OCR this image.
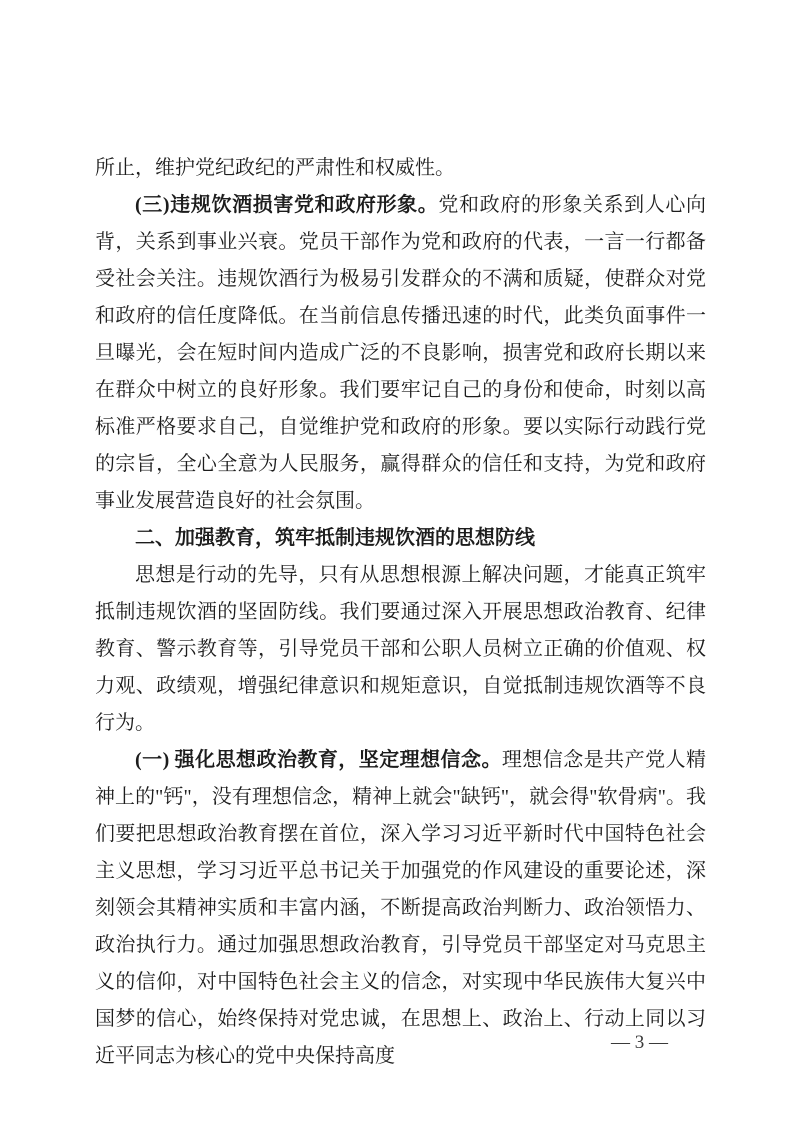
所止，维护党纪政纪的严肃性和权威性。

(三)违规饮酒损害党和政府形象。党和政府的形象关系到人心向背，关系到事业兴衰。党员干部作为党和政府的代表，一言一行都备受社会关注。违规饮酒行为极易引发群众的不满和质疑，使群众对党和政府的信任度降低。在当前信息传播迅速的时代，此类负面事件一旦曝光，会在短时间内造成广泛的不良影响，损害党和政府长期以来在群众中树立的良好形象。我们要牢记自己的身份和使命，时刻以高标准严格要求自己，自觉维护党和政府的形象。要以实际行动践行党的宗旨，全心全意为人民服务，赢得群众的信任和支持，为党和政府事业发展营造良好的社会氛围。

二、加强教育，筑牢抵制违规饮酒的思想防线

思想是行动的先导，只有从思想根源上解决问题，才能真正筑牢抵制违规饮酒的坚固防线。我们要通过深入开展思想政治教育、纪律教育、警示教育等，引导党员干部和公职人员树立正确的价值观、权力观、政绩观，增强纪律意识和规矩意识，自觉抵制违规饮酒等不良行为。

(一) 强化思想政治教育，坚定理想信念。理想信念是共产党人精神上的"钙"，没有理想信念，精神上就会"缺钙"，就会得"软骨病"。我们要把思想政治教育摆在首位，深入学习习近平新时代中国特色社会主义思想，学习习近平总书记关于加强党的作风建设的重要论述，深刻领会其精神实质和丰富内涵，不断提高政治判断力、政治领悟力、政治执行力。通过加强思想政治教育，引导党员干部坚定对马克思主义的信仰，对中国特色社会主义的信念，对实现中华民族伟大复兴中国梦的信心，始终保持对党忠诚，在思想上、政治上、行动上同以习近平同志为核心的党中央保持高度

— 3 —
